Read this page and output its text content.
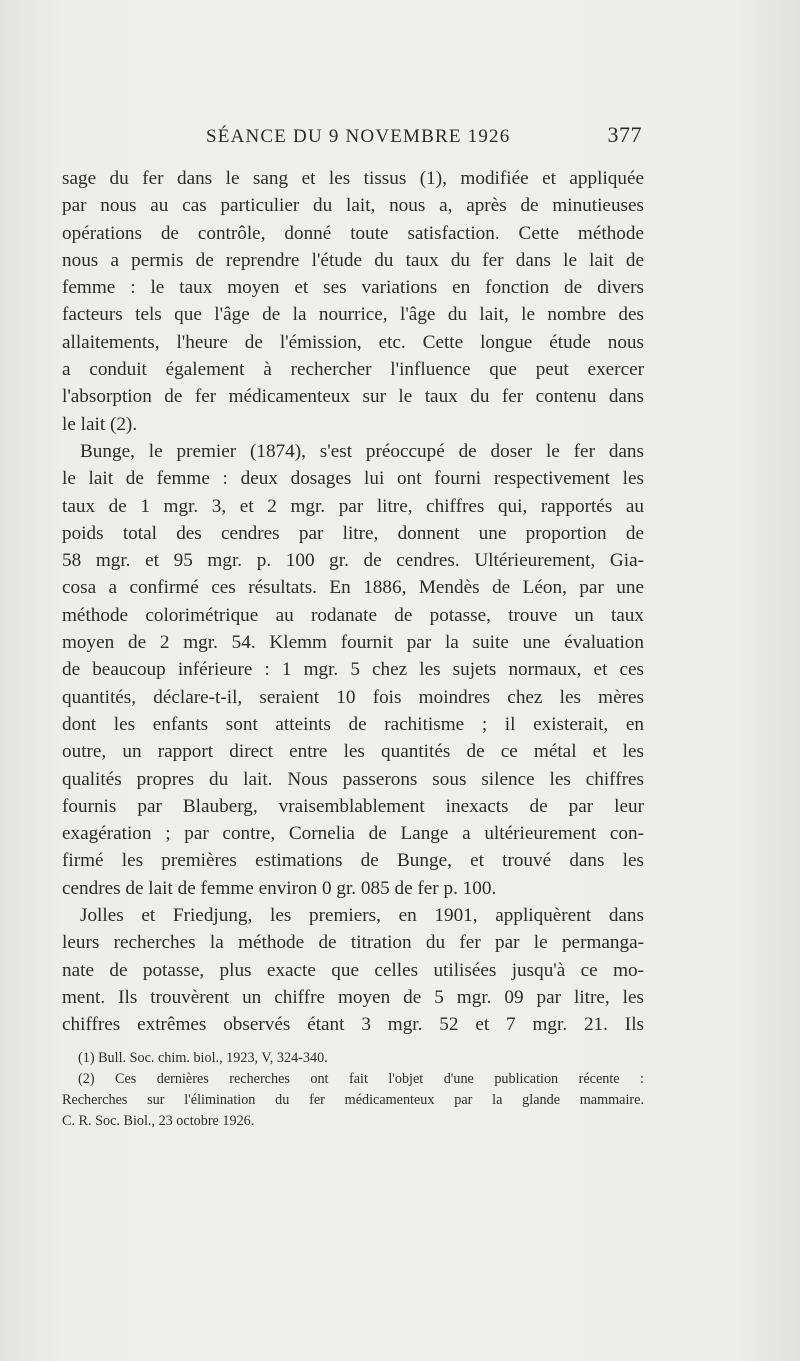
SÉANCE DU 9 NOVEMBRE 1926	377
sage du fer dans le sang et les tissus (1), modifiée et appliquée
par nous au cas particulier du lait, nous a, après de minutieuses
opérations de contrôle, donné toute satisfaction. Cette méthode
nous a permis de reprendre l'étude du taux du fer dans le lait de
femme : le taux moyen et ses variations en fonction de divers
facteurs tels que l'âge de la nourrice, l'âge du lait, le nombre des
allaitements, l'heure de l'émission, etc. Cette longue étude nous
a conduit également à rechercher l'influence que peut exercer
l'absorption de fer médicamenteux sur le taux du fer contenu dans
le lait (2).
Bunge, le premier (1874), s'est préoccupé de doser le fer dans
le lait de femme : deux dosages lui ont fourni respectivement les
taux de 1 mgr. 3, et 2 mgr. par litre, chiffres qui, rapportés au
poids total des cendres par litre, donnent une proportion de
58 mgr. et 95 mgr. p. 100 gr. de cendres. Ultérieurement, Gia-
cosa a confirmé ces résultats. En 1886, Mendès de Léon, par une
méthode colorimétrique au rodanate de potasse, trouve un taux
moyen de 2 mgr. 54. Klemm fournit par la suite une évaluation
de beaucoup inférieure : 1 mgr. 5 chez les sujets normaux, et ces
quantités, déclare-t-il, seraient 10 fois moindres chez les mères
dont les enfants sont atteints de rachitisme ; il existerait, en
outre, un rapport direct entre les quantités de ce métal et les
qualités propres du lait. Nous passerons sous silence les chiffres
fournis par Blauberg, vraisemblablement inexacts de par leur
exagération ; par contre, Cornelia de Lange a ultérieurement con-
firmé les premières estimations de Bunge, et trouvé dans les
cendres de lait de femme environ 0 gr. 085 de fer p. 100.
Jolles et Friedjung, les premiers, en 1901, appliquèrent dans
leurs recherches la méthode de titration du fer par le permanga-
nate de potasse, plus exacte que celles utilisées jusqu'à ce mo-
ment. Ils trouvèrent un chiffre moyen de 5 mgr. 09 par litre, les
chiffres extrêmes observés étant 3 mgr. 52 et 7 mgr. 21. Ils
(1) Bull. Soc. chim. biol., 1923, V, 324-340.
(2) Ces dernières recherches ont fait l'objet d'une publication récente :
Recherches sur l'élimination du fer médicamenteux par la glande mammaire.
C. R. Soc. Biol., 23 octobre 1926.
